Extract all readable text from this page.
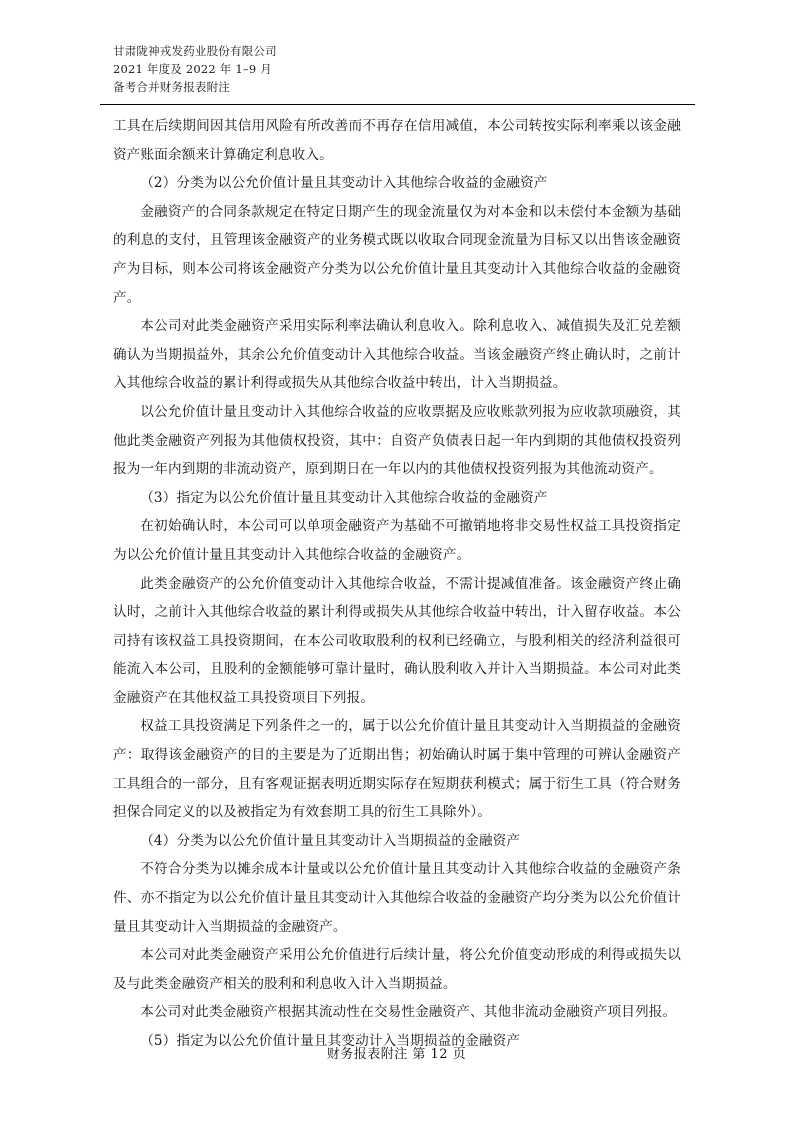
甘肃陇神戎发药业股份有限公司
2021 年度及 2022 年 1–9 月
备考合并财务报表附注

工具在后续期间因其信用风险有所改善而不再存在信用减值，本公司转按实际利率乘以该金融资产账面余额来计算确定利息收入。

（2）分类为以公允价值计量且其变动计入其他综合收益的金融资产

金融资产的合同条款规定在特定日期产生的现金流量仅为对本金和以未偿付本金额为基础的利息的支付，且管理该金融资产的业务模式既以收取合同现金流量为目标又以出售该金融资产为目标，则本公司将该金融资产分类为以公允价值计量且其变动计入其他综合收益的金融资产。

本公司对此类金融资产采用实际利率法确认利息收入。除利息收入、减值损失及汇兑差额确认为当期损益外，其余公允价值变动计入其他综合收益。当该金融资产终止确认时，之前计入其他综合收益的累计利得或损失从其他综合收益中转出，计入当期损益。

以公允价值计量且变动计入其他综合收益的应收票据及应收账款列报为应收款项融资，其他此类金融资产列报为其他债权投资，其中：自资产负债表日起一年内到期的其他债权投资列报为一年内到期的非流动资产，原到期日在一年以内的其他债权投资列报为其他流动资产。

（3）指定为以公允价值计量且其变动计入其他综合收益的金融资产

在初始确认时，本公司可以单项金融资产为基础不可撤销地将非交易性权益工具投资指定为以公允价值计量且其变动计入其他综合收益的金融资产。

此类金融资产的公允价值变动计入其他综合收益，不需计提减值准备。该金融资产终止确认时，之前计入其他综合收益的累计利得或损失从其他综合收益中转出，计入留存收益。本公司持有该权益工具投资期间，在本公司收取股利的权利已经确立，与股利相关的经济利益很可能流入本公司，且股利的金额能够可靠计量时，确认股利收入并计入当期损益。本公司对此类金融资产在其他权益工具投资项目下列报。

权益工具投资满足下列条件之一的，属于以公允价值计量且其变动计入当期损益的金融资产：取得该金融资产的目的主要是为了近期出售；初始确认时属于集中管理的可辨认金融资产工具组合的一部分，且有客观证据表明近期实际存在短期获利模式；属于衍生工具（符合财务担保合同定义的以及被指定为有效套期工具的衍生工具除外）。

（4）分类为以公允价值计量且其变动计入当期损益的金融资产

不符合分类为以摊余成本计量或以公允价值计量且其变动计入其他综合收益的金融资产条件、亦不指定为以公允价值计量且其变动计入其他综合收益的金融资产均分类为以公允价值计量且其变动计入当期损益的金融资产。

本公司对此类金融资产采用公允价值进行后续计量，将公允价值变动形成的利得或损失以及与此类金融资产相关的股利和利息收入计入当期损益。

本公司对此类金融资产根据其流动性在交易性金融资产、其他非流动金融资产项目列报。

（5）指定为以公允价值计量且其变动计入当期损益的金融资产

财务报表附注 第 12 页
